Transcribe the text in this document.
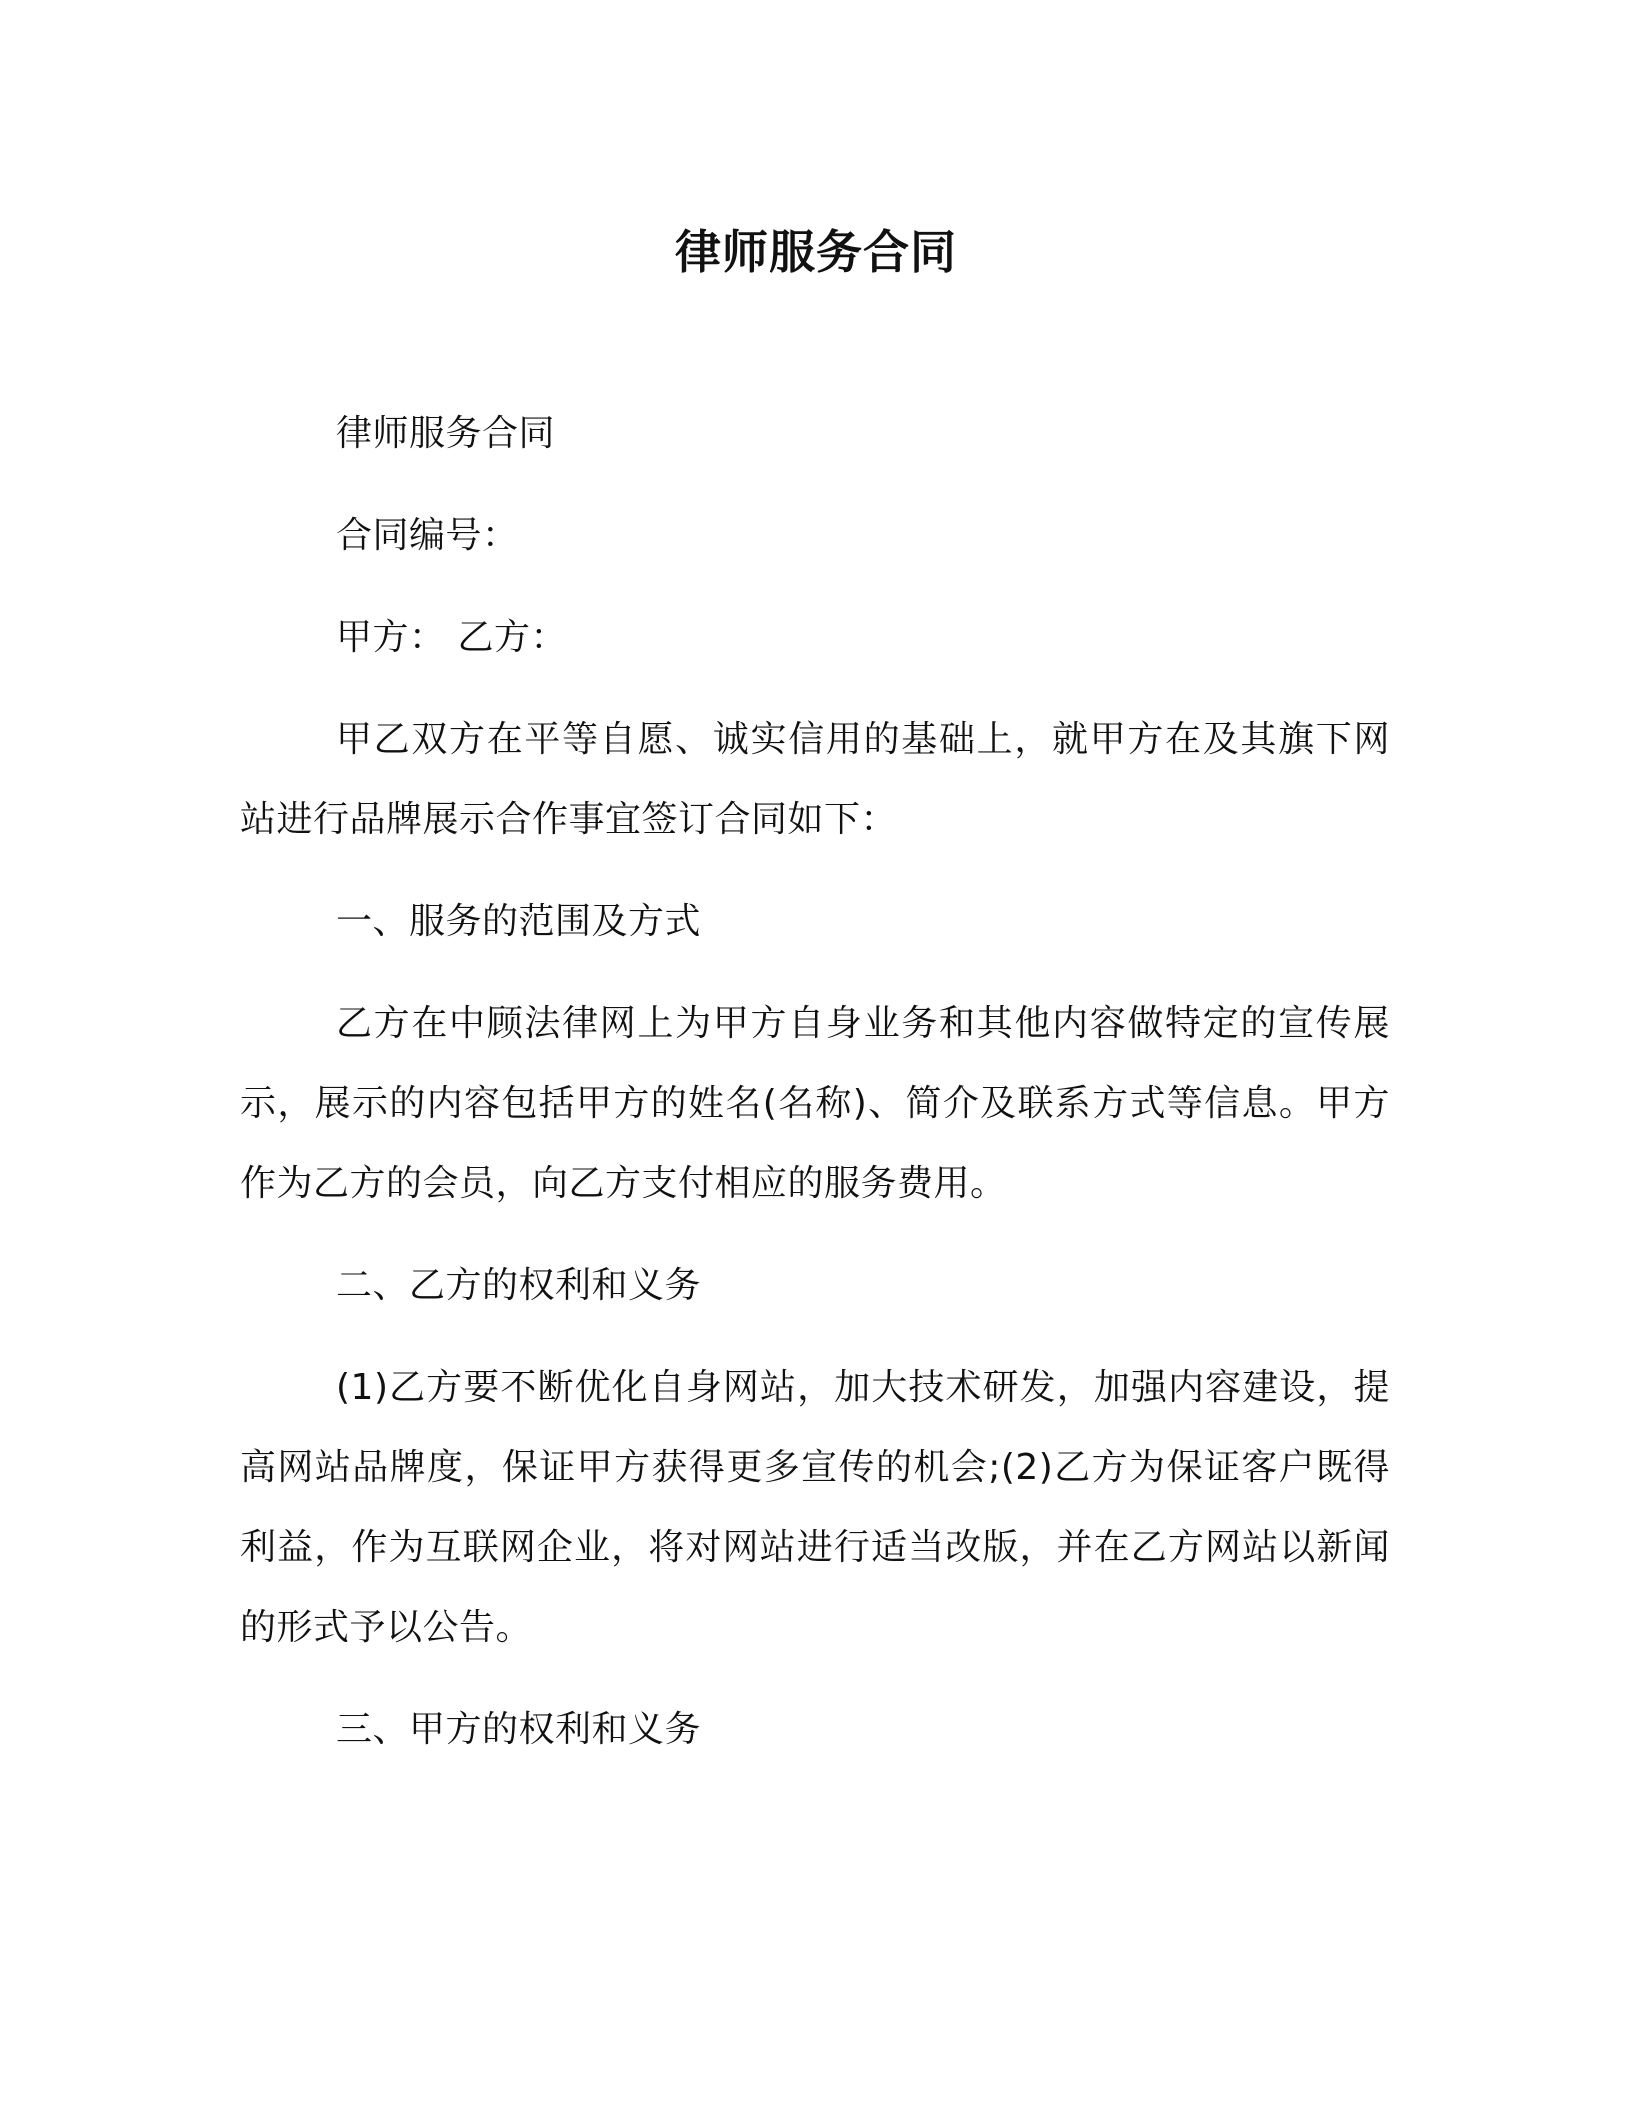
律师服务合同

律师服务合同

合同编号：

甲方： 乙方：

甲乙双方在平等自愿、诚实信用的基础上，就甲方在及其旗下网站进行品牌展示合作事宜签订合同如下：

一、服务的范围及方式

乙方在中顾法律网上为甲方自身业务和其他内容做特定的宣传展示，展示的内容包括甲方的姓名(名称)、简介及联系方式等信息。甲方作为乙方的会员，向乙方支付相应的服务费用。

二、乙方的权利和义务

(1)乙方要不断优化自身网站，加大技术研发，加强内容建设，提高网站品牌度，保证甲方获得更多宣传的机会;(2)乙方为保证客户既得利益，作为互联网企业，将对网站进行适当改版，并在乙方网站以新闻的形式予以公告。

三、甲方的权利和义务
